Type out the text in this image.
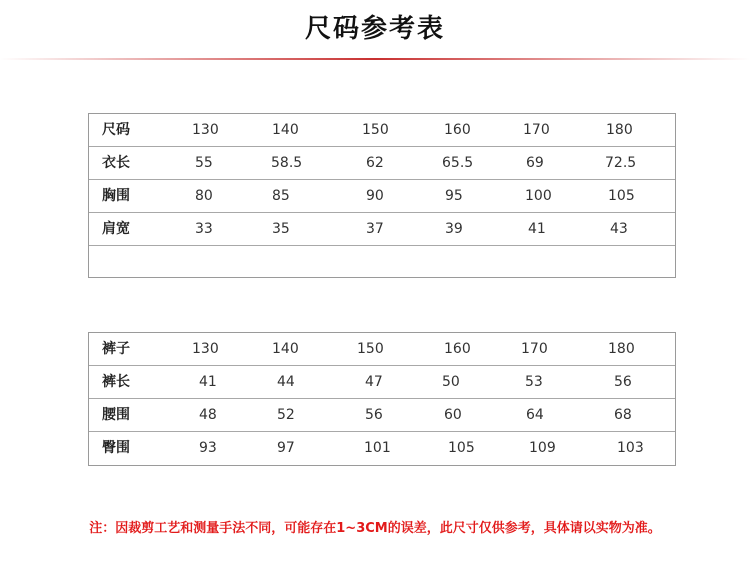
尺码参考表
尺码	130	140	150	160	170	180
衣长	55	58.5	62	65.5	69	72.5
胸围	80	85	90	95	100	105
肩宽	33	35	37	39	41	43
裤子	130	140	150	160	170	180
裤长	41	44	47	50	53	56
腰围	48	52	56	60	64	68
臀围	93	97	101	105	109	103
注：因裁剪工艺和测量手法不同，可能存在1~3CM的误差，此尺寸仅供参考，具体请以实物为准。
